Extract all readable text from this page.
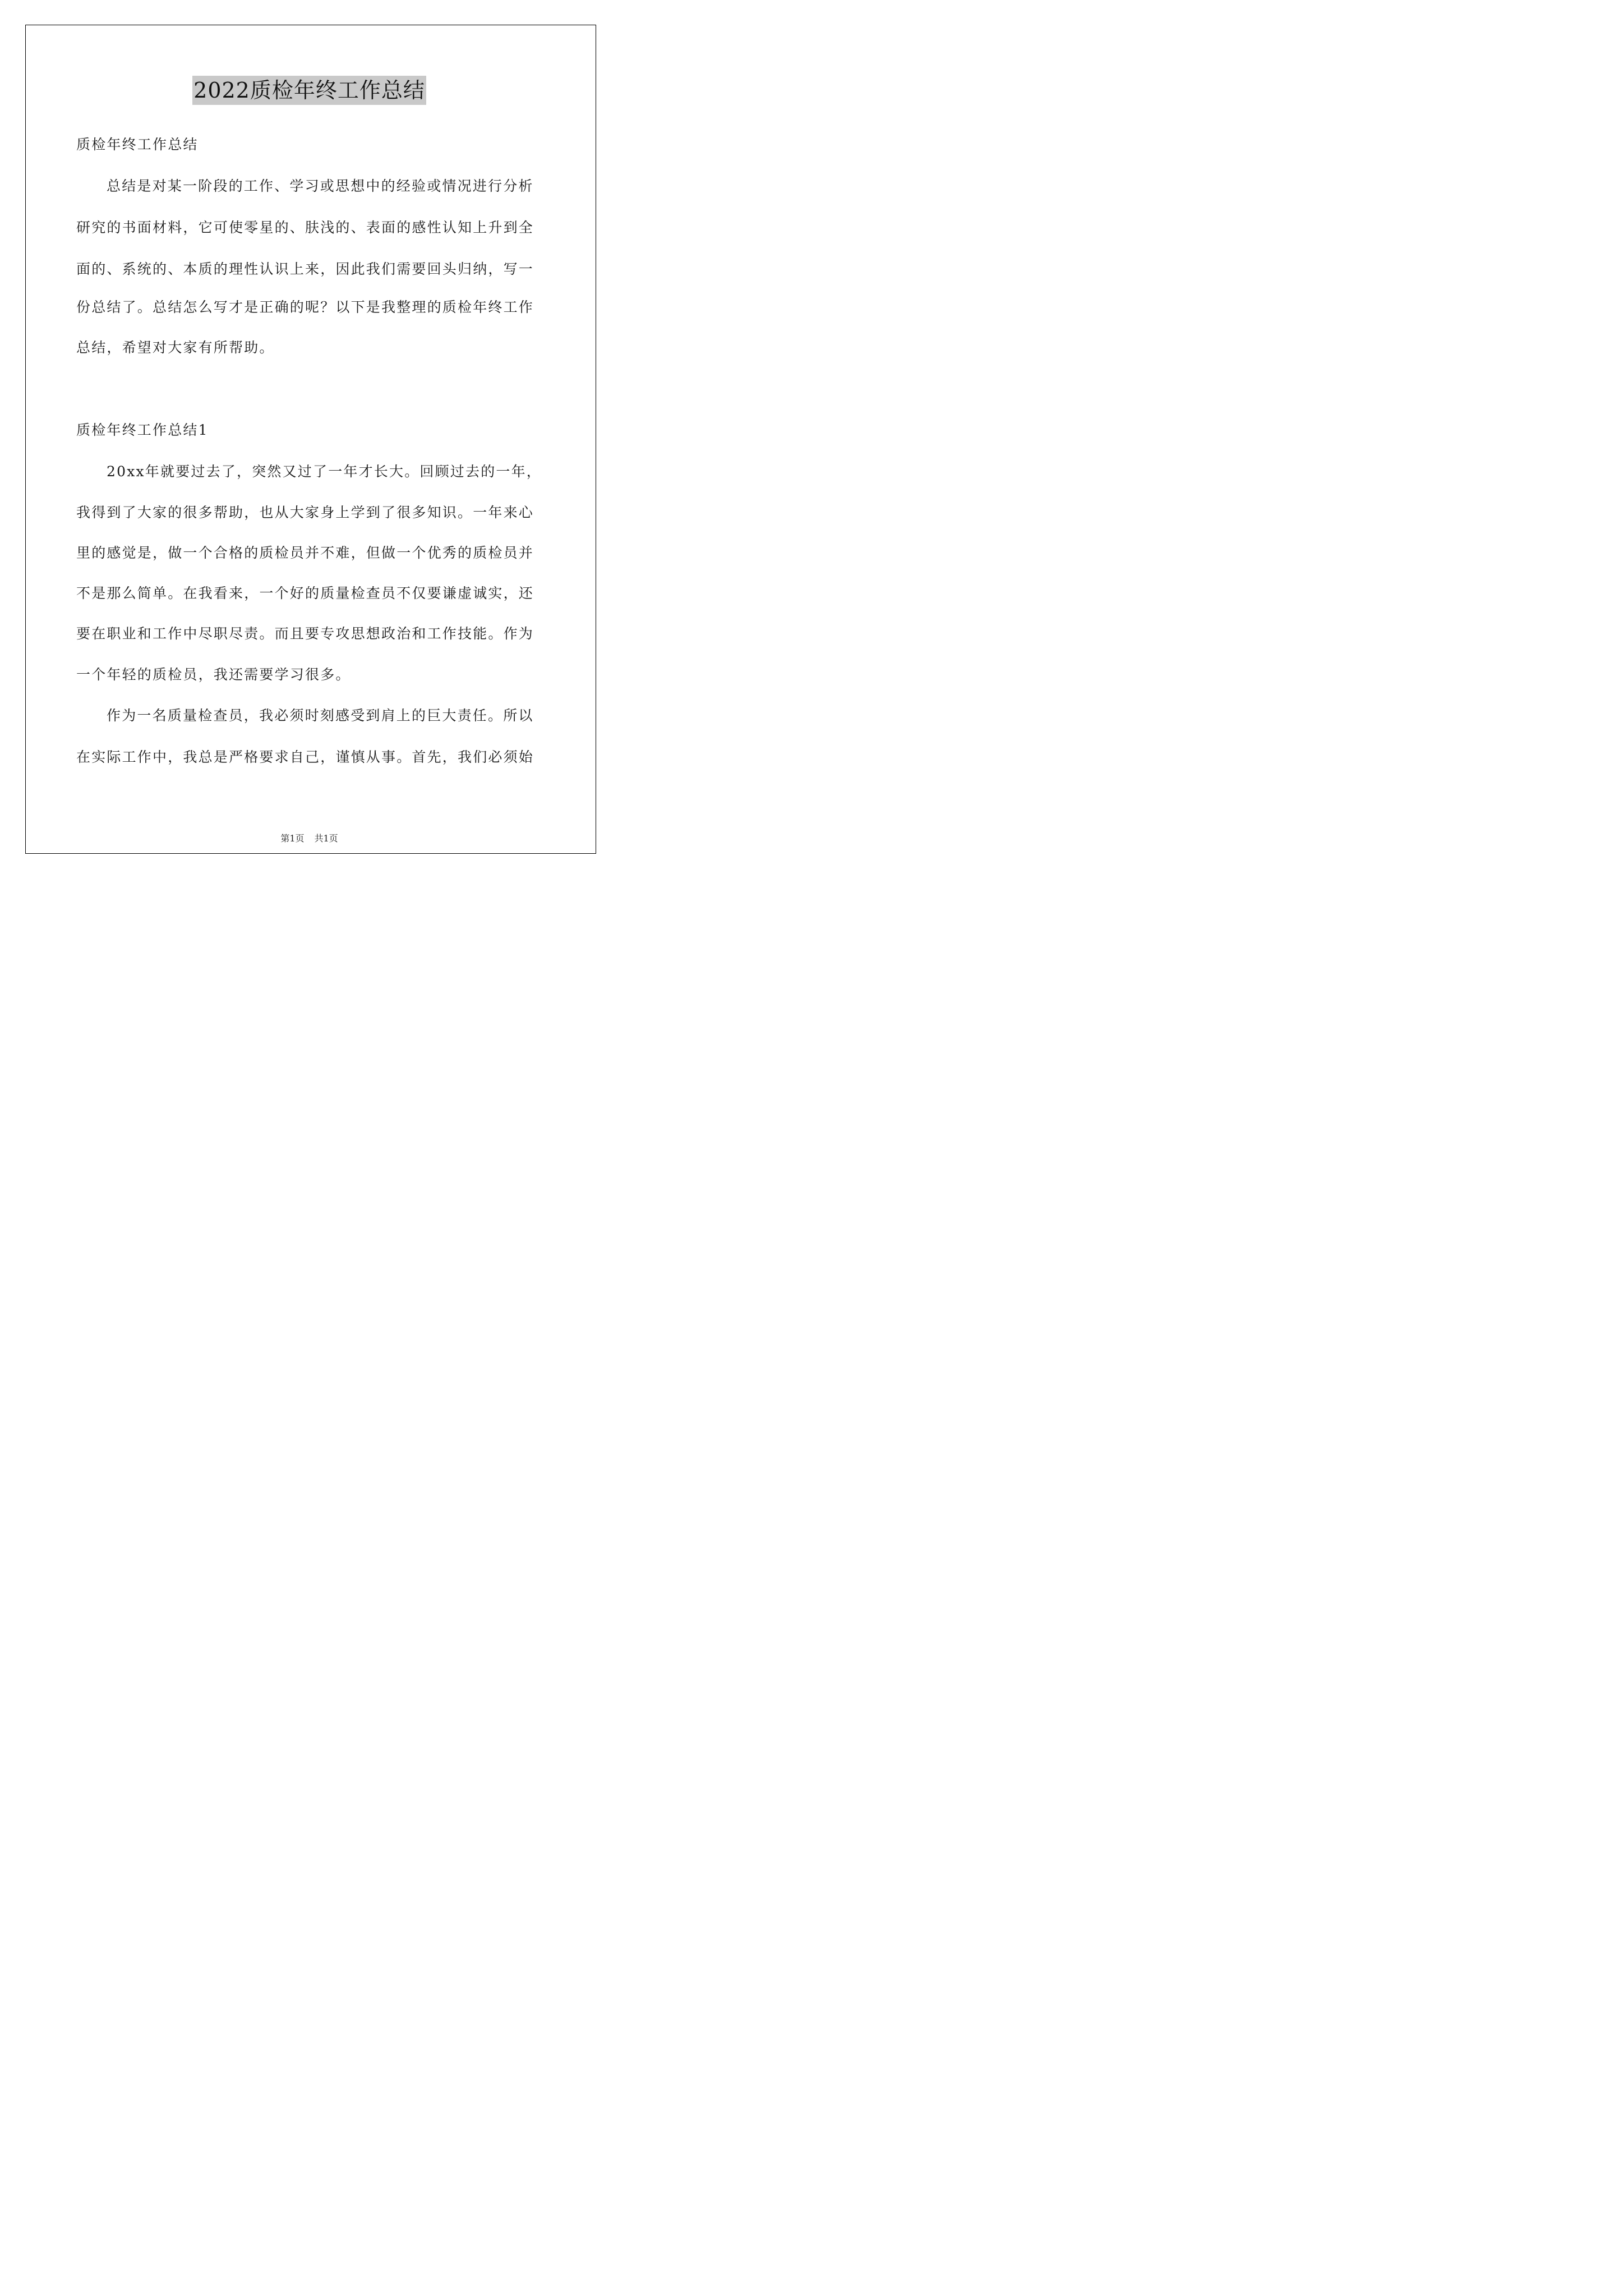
2022质检年终工作总结
质检年终工作总结
总结是对某一阶段的工作、学习或思想中的经验或情况进行分析
研究的书面材料，它可使零星的、肤浅的、表面的感性认知上升到全
面的、系统的、本质的理性认识上来，因此我们需要回头归纳，写一
份总结了。总结怎么写才是正确的呢？以下是我整理的质检年终工作
总结，希望对大家有所帮助。
质检年终工作总结1
20xx年就要过去了，突然又过了一年才长大。回顾过去的一年，
我得到了大家的很多帮助，也从大家身上学到了很多知识。一年来心
里的感觉是，做一个合格的质检员并不难，但做一个优秀的质检员并
不是那么简单。在我看来，一个好的质量检查员不仅要谦虚诚实，还
要在职业和工作中尽职尽责。而且要专攻思想政治和工作技能。作为
一个年轻的质检员，我还需要学习很多。
作为一名质量检查员，我必须时刻感受到肩上的巨大责任。所以
在实际工作中，我总是严格要求自己，谨慎从事。首先，我们必须始
第1页 共1页
